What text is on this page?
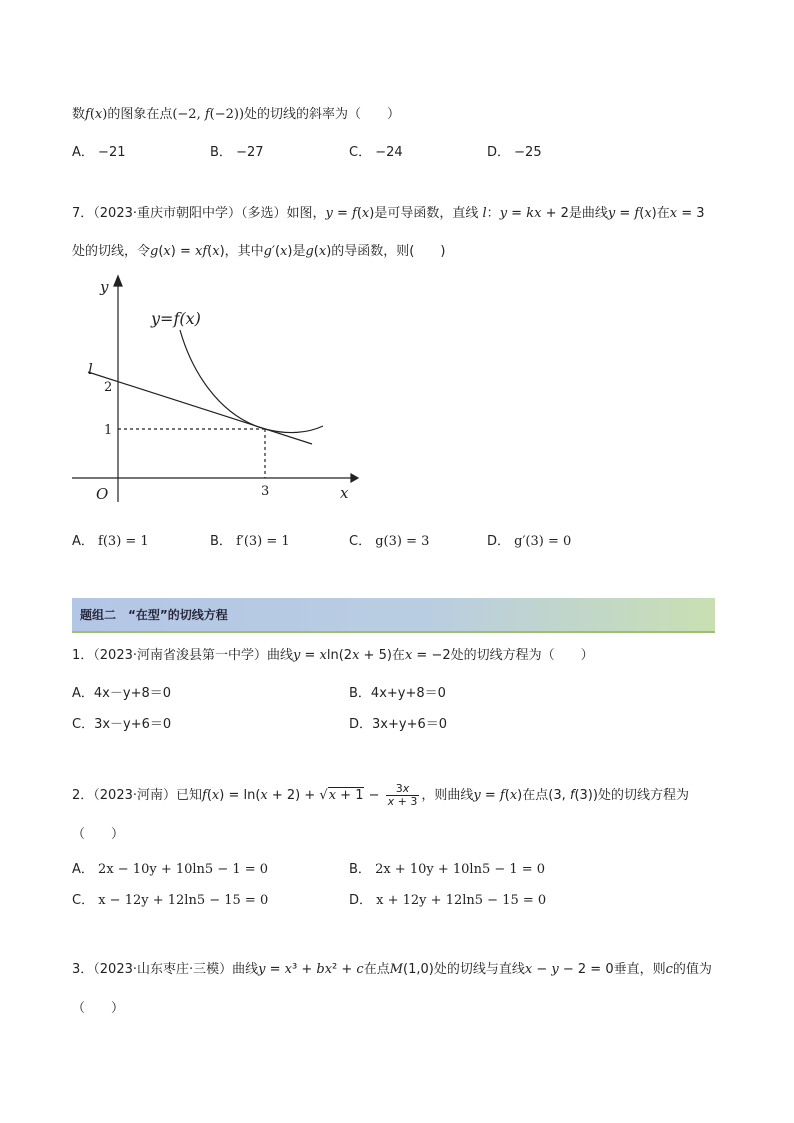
数f(x)的图象在点(−2, f(−2))处的切线的斜率为（　　）
A． −21	B． −27	C． −24	D． −25
7．（2023·重庆市朝阳中学）（多选）如图，y = f(x)是可导函数，直线 l：y = kx + 2是曲线y = f(x)在x = 3
处的切线，令g(x) = xf(x)，其中g′(x)是g(x)的导函数，则(　　)
y
x
O
y=f(x)
l
2
1
3
A． f(3) = 1	B． f′(3) = 1	C． g(3) = 3	D． g′(3) = 0
题组二　“在型”的切线方程
1．（2023·河南省浚县第一中学）曲线y = xln(2x + 5)在x = −2处的切线方程为（　　）
A．4x－y+8＝0	B．4x+y+8＝0
C．3x－y+6＝0	D．3x+y+6＝0
2．（2023·河南）已知$f(x) = \ln(x + 2) + √x + 1 - \frac{3x}{x + 3}$ ，则曲线y = f(x)在点(3, f(3))处的切线方程为
（　　）
A． 2x − 10y + 10ln5 − 1 = 0	B． 2x + 10y + 10ln5 − 1 = 0
C． x − 12y + 12ln5 − 15 = 0	D． x + 12y + 12ln5 − 15 = 0
3．（2023·山东枣庄·三模）曲线y = x³ + bx² + c在点M(1,0)处的切线与直线x − y − 2 = 0垂直，则c的值为
（　　）
